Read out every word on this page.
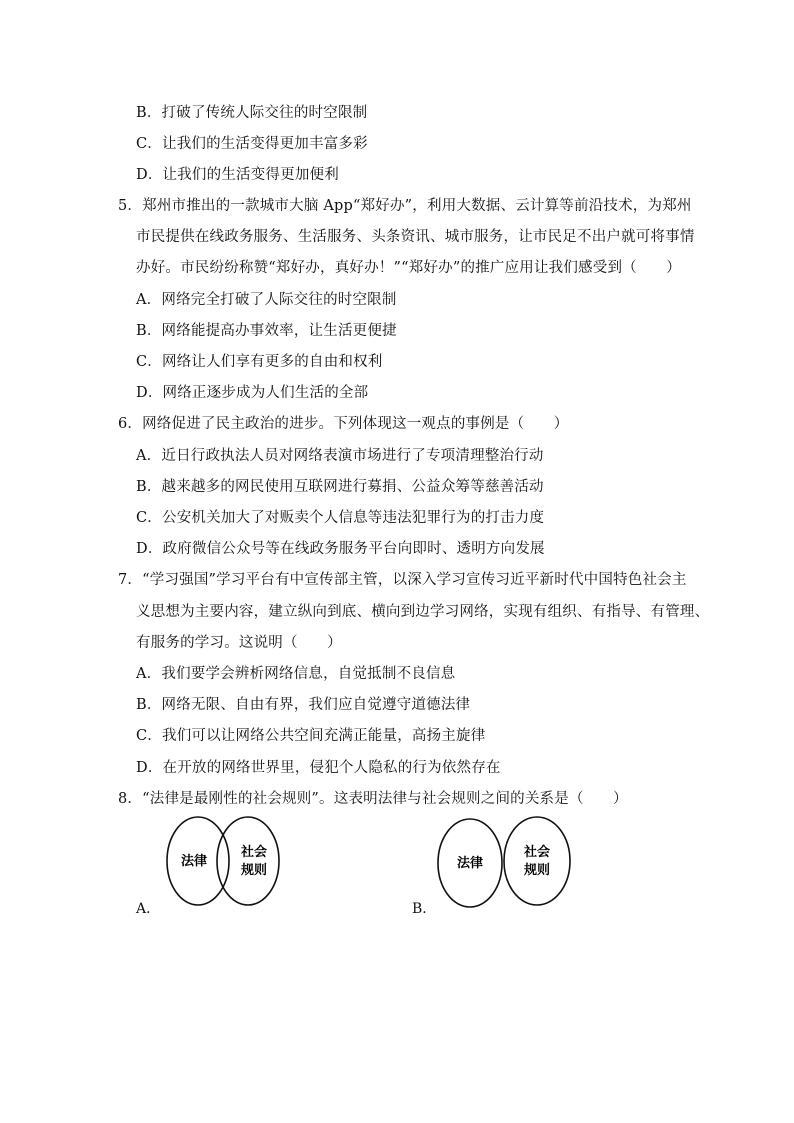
B．打破了传统人际交往的时空限制
C．让我们的生活变得更加丰富多彩
D．让我们的生活变得更加便利
5．郑州市推出的一款城市大脑 App“郑好办”，利用大数据、云计算等前沿技术，为郑州
市民提供在线政务服务、生活服务、头条资讯、城市服务，让市民足不出户就可将事情
办好。市民纷纷称赞“郑好办，真好办！”“郑好办”的推广应用让我们感受到（　　）
A．网络完全打破了人际交往的时空限制
B．网络能提高办事效率，让生活更便捷
C．网络让人们享有更多的自由和权利
D．网络正逐步成为人们生活的全部
6．网络促进了民主政治的进步。下列体现这一观点的事例是（　　）
A．近日行政执法人员对网络表演市场进行了专项清理整治行动
B．越来越多的网民使用互联网进行募捐、公益众筹等慈善活动
C．公安机关加大了对贩卖个人信息等违法犯罪行为的打击力度
D．政府微信公众号等在线政务服务平台向即时、透明方向发展
7．“学习强国”学习平台有中宣传部主管，以深入学习宣传习近平新时代中国特色社会主
义思想为主要内容，建立纵向到底、横向到边学习网络，实现有组织、有指导、有管理、
有服务的学习。这说明（　　）
A．我们要学会辨析网络信息，自觉抵制不良信息
B．网络无限、自由有界，我们应自觉遵守道德法律
C．我们可以让网络公共空间充满正能量，高扬主旋律
D．在开放的网络世界里，侵犯个人隐私的行为依然存在
8．“法律是最刚性的社会规则”。这表明法律与社会规则之间的关系是（　　）
A．
法律
社会
规则
B．
法律
社会
规则
